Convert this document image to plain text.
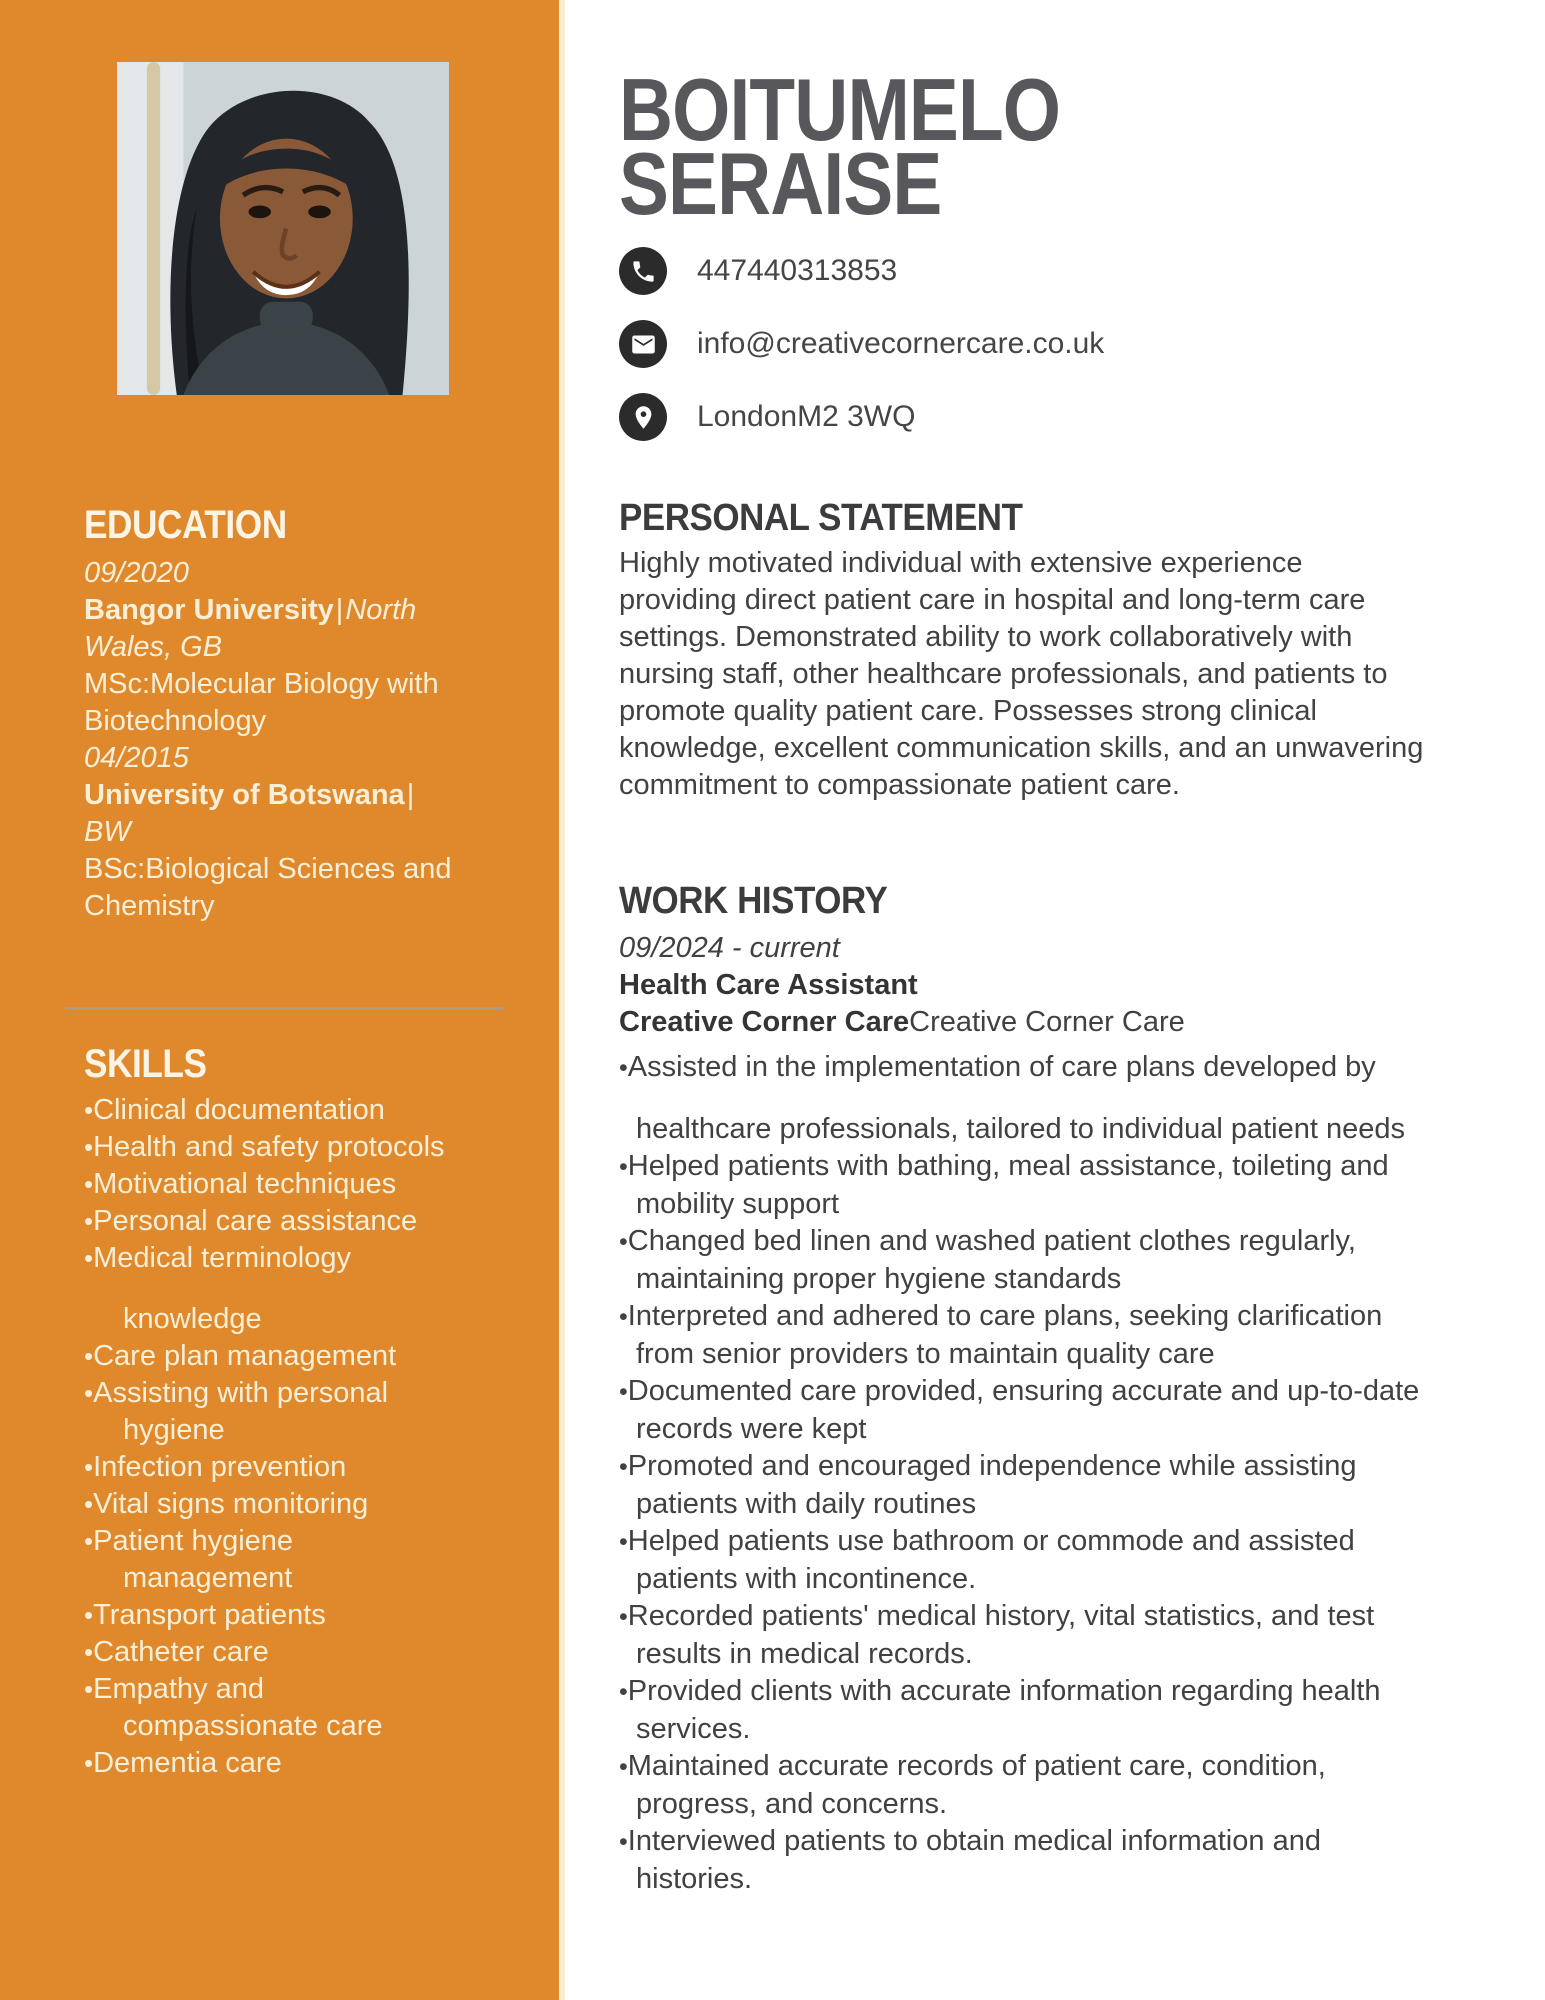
EDUCATION
09/2020
Bangor University|North Wales, GB
MSc:Molecular Biology with Biotechnology
04/2015
University of Botswana|
BW
BSc:Biological Sciences and Chemistry
SKILLS
•Clinical documentation
•Health and safety protocols
•Motivational techniques
•Personal care assistance
•Medical terminology
knowledge
•Care plan management
•Assisting with personal
hygiene
•Infection prevention
•Vital signs monitoring
•Patient hygiene
management
•Transport patients
•Catheter care
•Empathy and
compassionate care
•Dementia care
BOITUMELO
SERAISE
447440313853
info@creativecornercare.co.uk
LondonM2 3WQ
PERSONAL STATEMENT
Highly motivated individual with extensive experience
providing direct patient care in hospital and long-term care
settings. Demonstrated ability to work collaboratively with
nursing staff, other healthcare professionals, and patients to
promote quality patient care. Possesses strong clinical
knowledge, excellent communication skills, and an unwavering
commitment to compassionate patient care.
WORK HISTORY
09/2024 - current
Health Care Assistant
Creative Corner CareCreative Corner Care
•Assisted in the implementation of care plans developed by
healthcare professionals, tailored to individual patient needs
•Helped patients with bathing, meal assistance, toileting and
mobility support
•Changed bed linen and washed patient clothes regularly,
maintaining proper hygiene standards
•Interpreted and adhered to care plans, seeking clarification
from senior providers to maintain quality care
•Documented care provided, ensuring accurate and up-to-date
records were kept
•Promoted and encouraged independence while assisting
patients with daily routines
•Helped patients use bathroom or commode and assisted
patients with incontinence.
•Recorded patients' medical history, vital statistics, and test
results in medical records.
•Provided clients with accurate information regarding health
services.
•Maintained accurate records of patient care, condition,
progress, and concerns.
•Interviewed patients to obtain medical information and
histories.
